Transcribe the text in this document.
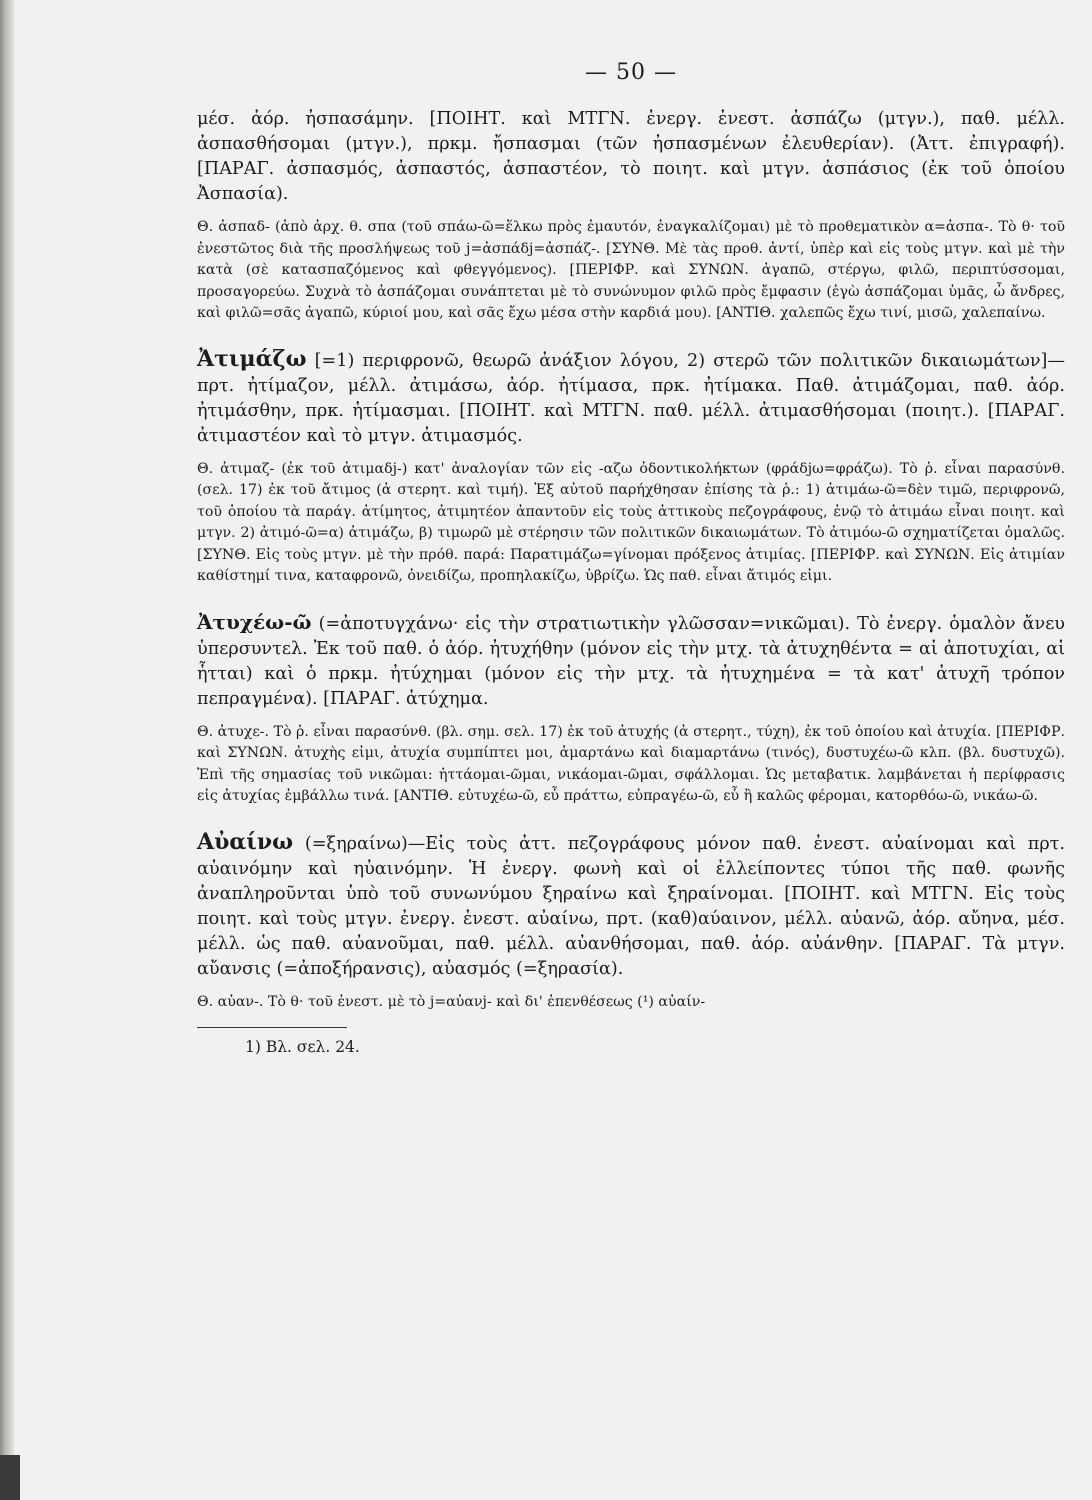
— 50 —

μέσ. ἀόρ. ἠσπασάμην. [ΠΟΙΗΤ. καὶ ΜΤΓΝ. ἐνεργ. ἐνεστ. ἀσπάζω (μτγν.), παθ. μέλλ. ἀσπασθήσομαι (μτγν.), πρκμ. ἤσπασμαι (τῶν ἠσπασμένων ἐλευθερίαν). (Ἀττ. ἐπιγραφή). [ΠΑΡΑΓ. ἀσπασμός, ἀσπαστός, ἀσπαστέον, τὸ ποιητ. καὶ μτγν. ἀσπάσιος (ἐκ τοῦ ὁποίου Ἀσπασία).

Θ. ἀσπαδ- (ἀπὸ ἀρχ. θ. σπα (τοῦ σπάω-ῶ=ἕλκω πρὸς ἐμαυτόν, ἐναγκαλίζομαι) μὲ τὸ προθεματικὸν α=ἀσπα-. Τὸ θ· τοῦ ἐνεστῶτος διὰ τῆς προσλήψεως τοῦ j=ἀσπάδj=ἀσπάζ-. [ΣΥΝΘ. Μὲ τὰς προθ. ἀντί, ὑπὲρ καὶ εἰς τοὺς μτγν. καὶ μὲ τὴν κατὰ (σὲ κατασπαζόμενος καὶ φθεγγόμενος). [ΠΕΡΙΦΡ. καὶ ΣΥΝΩΝ. ἀγαπῶ, στέργω, φιλῶ, περιπτύσσομαι, προσαγορεύω. Συχνὰ τὸ ἀσπάζομαι συνάπτεται μὲ τὸ συνώνυμον φιλῶ πρὸς ἔμφασιν (ἐγὼ ἀσπάζομαι ὑμᾶς, ὦ ἄνδρες, καὶ φιλῶ=σᾶς ἀγαπῶ, κύριοί μου, καὶ σᾶς ἔχω μέσα στὴν καρδιά μου). [ΑΝΤΙΘ. χαλεπῶς ἔχω τινί, μισῶ, χαλεπαίνω.

Ἀτιμάζω [=1) περιφρονῶ, θεωρῶ ἀνάξιον λόγου, 2) στερῶ τῶν πολιτικῶν δικαιωμάτων]—πρτ. ἠτίμαζον, μέλλ. ἀτιμάσω, ἀόρ. ἠτίμασα, πρκ. ἠτίμακα. Παθ. ἀτιμάζομαι, παθ. ἀόρ. ἠτιμάσθην, πρκ. ἠτίμασμαι. [ΠΟΙΗΤ. καὶ ΜΤΓΝ. παθ. μέλλ. ἀτιμασθήσομαι (ποιητ.). [ΠΑΡΑΓ. ἀτιμαστέον καὶ τὸ μτγν. ἀτιμασμός.

Θ. ἀτιμαζ- (ἐκ τοῦ ἀτιμαδj-) κατ' ἀναλογίαν τῶν εἰς -αζω ὀδοντικολήκτων (φράδjω=φράζω). Τὸ ῥ. εἶναι παρασύνθ. (σελ. 17) ἐκ τοῦ ἄτιμος (ἀ στερητ. καὶ τιμή). Ἐξ αὐτοῦ παρήχθησαν ἐπίσης τὰ ῥ.: 1) ἀτιμάω-ῶ=δὲν τιμῶ, περιφρονῶ, τοῦ ὁποίου τὰ παράγ. ἀτίμητος, ἀτιμητέον ἀπαντοῦν εἰς τοὺς ἀττικοὺς πεζογράφους, ἐνῷ τὸ ἀτιμάω εἶναι ποιητ. καὶ μτγν. 2) ἀτιμό-ῶ=α) ἀτιμάζω, β) τιμωρῶ μὲ στέρησιν τῶν πολιτικῶν δικαιωμάτων. Τὸ ἀτιμόω-ῶ σχηματίζεται ὁμαλῶς. [ΣΥΝΘ. Εἰς τοὺς μτγν. μὲ τὴν πρόθ. παρά: Παρατιμάζω=γίνομαι πρόξενος ἀτιμίας. [ΠΕΡΙΦΡ. καὶ ΣΥΝΩΝ. Εἰς ἀτιμίαν καθίστημί τινα, καταφρονῶ, ὀνειδίζω, προπηλακίζω, ὑβρίζω. Ὡς παθ. εἶναι ἄτιμός εἰμι.

Ἀτυχέω-ῶ (=ἀποτυγχάνω· εἰς τὴν στρατιωτικὴν γλῶσσαν=νικῶμαι). Τὸ ἐνεργ. ὁμαλὸν ἄνευ ὑπερσυντελ. Ἐκ τοῦ παθ. ὁ ἀόρ. ἠτυχήθην (μόνον εἰς τὴν μτχ. τὰ ἀτυχηθέντα = αἱ ἀποτυχίαι, αἱ ἧτται) καὶ ὁ πρκμ. ἠτύχημαι (μόνον εἰς τὴν μτχ. τὰ ἠτυχημένα = τὰ κατ' ἀτυχῆ τρόπον πεπραγμένα). [ΠΑΡΑΓ. ἀτύχημα.

Θ. ἀτυχε-. Τὸ ῥ. εἶναι παρασύνθ. (βλ. σημ. σελ. 17) ἐκ τοῦ ἀτυχής (ἀ στερητ., τύχη), ἐκ τοῦ ὁποίου καὶ ἀτυχία. [ΠΕΡΙΦΡ. καὶ ΣΥΝΩΝ. ἀτυχὴς εἰμι, ἀτυχία συμπίπτει μοι, ἁμαρτάνω καὶ διαμαρτάνω (τινός), δυστυχέω-ῶ κλπ. (βλ. δυστυχῶ). Ἐπὶ τῆς σημασίας τοῦ νικῶμαι: ἡττάομαι-ῶμαι, νικάομαι-ῶμαι, σφάλλομαι. Ὡς μεταβατικ. λαμβάνεται ἡ περίφρασις εἰς ἀτυχίας ἐμβάλλω τινά. [ΑΝΤΙΘ. εὐτυχέω-ῶ, εὖ πράττω, εὐπραγέω-ῶ, εὖ ἢ καλῶς φέρομαι, κατορθόω-ῶ, νικάω-ῶ.

Αὐαίνω (=ξηραίνω)—Εἰς τοὺς ἀττ. πεζογράφους μόνον παθ. ἐνεστ. αὐαίνομαι καὶ πρτ. αὐαινόμην καὶ ηὐαινόμην. Ἡ ἐνεργ. φωνὴ καὶ οἱ ἐλλείποντες τύποι τῆς παθ. φωνῆς ἀναπληροῦνται ὑπὸ τοῦ συνωνύμου ξηραίνω καὶ ξηραίνομαι. [ΠΟΙΗΤ. καὶ ΜΤΓΝ. Εἰς τοὺς ποιητ. καὶ τοὺς μτγν. ἐνεργ. ἐνεστ. αὐαίνω, πρτ. (καθ)αύαινον, μέλλ. αὐανῶ, ἀόρ. αὔηνα, μέσ. μέλλ. ὡς παθ. αὐανοῦμαι, παθ. μέλλ. αὐανθήσομαι, παθ. ἀόρ. αὐάνθην. [ΠΑΡΑΓ. Τὰ μτγν. αὔανσις (=ἀποξήρανσις), αὐασμός (=ξηρασία).

Θ. αὐαν-. Τὸ θ· τοῦ ἐνεστ. μὲ τὸ j=αὐανj- καὶ δι' ἐπενθέσεως (¹) αὐαίν-

1) Βλ. σελ. 24.
